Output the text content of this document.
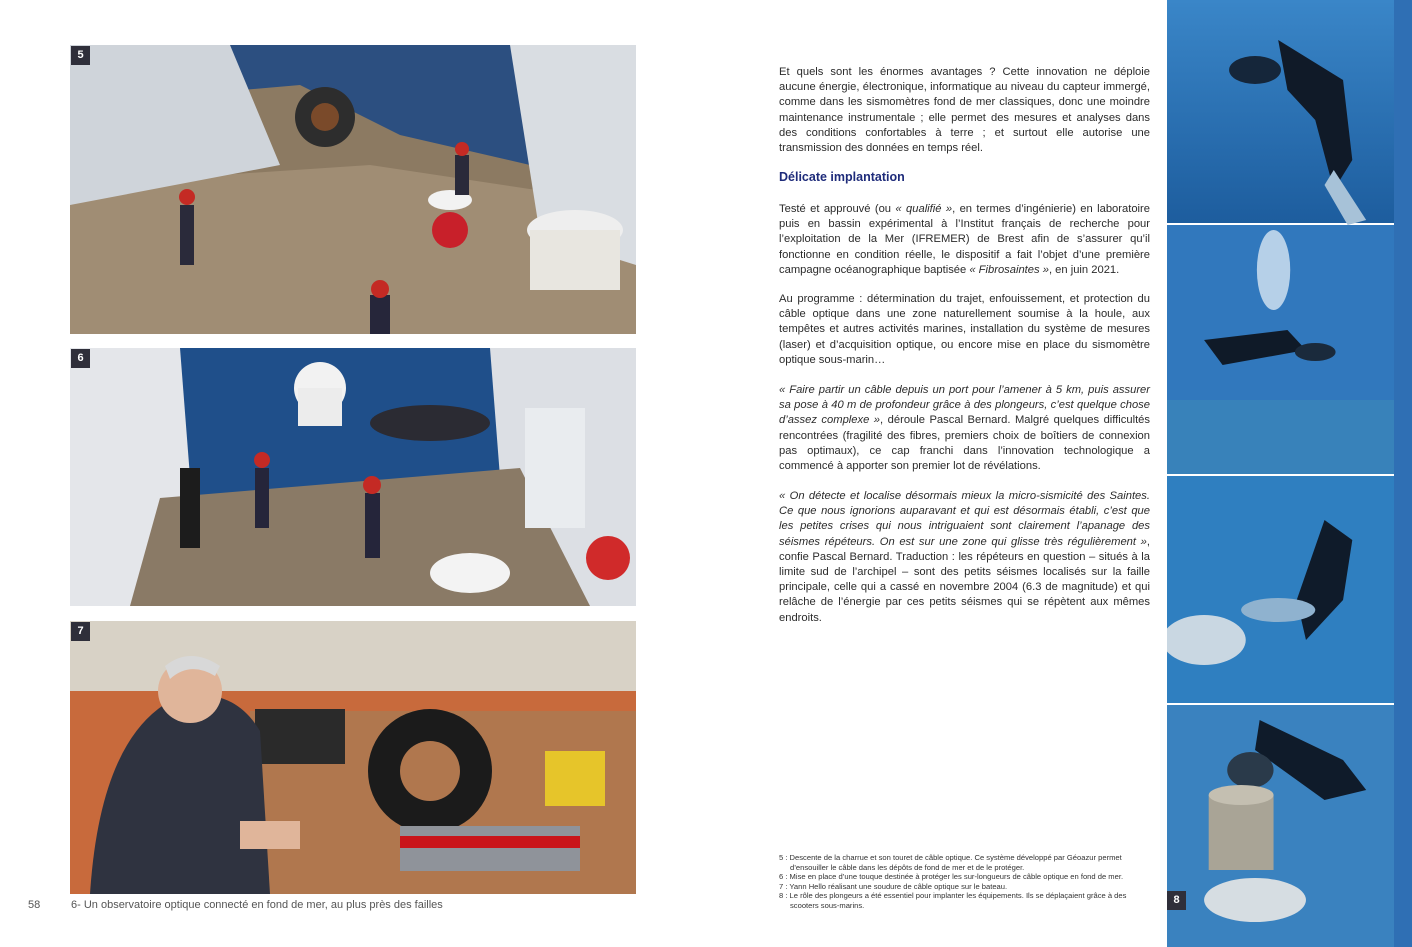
5
6
7
58	6- Un observatoire optique connecté en fond de mer, au plus près des failles

Et quels sont les énormes avantages ? Cette innovation ne déploie aucune énergie, électronique, informatique au niveau du capteur immergé, comme dans les sismomètres fond de mer classiques, donc une moindre maintenance instrumentale ; elle permet des mesures et analyses dans des conditions confortables à terre ; et surtout elle autorise une transmission des données en temps réel.

Délicate implantation

Testé et approuvé (ou « qualifié », en termes d’ingénierie) en laboratoire puis en bassin expérimental à l’Institut français de recherche pour l’exploitation de la Mer (IFREMER) de Brest afin de s’assurer qu’il fonctionne en condition réelle, le dispositif a fait l’objet d’une première campagne océanographique baptisée « Fibrosaintes », en juin 2021.

Au programme : détermination du trajet, enfouissement, et protection du câble optique dans une zone naturellement soumise à la houle, aux tempêtes et autres activités marines, installation du système de mesures (laser) et d’acquisition optique, ou encore mise en place du sismomètre optique sous-marin…

« Faire partir un câble depuis un port pour l’amener à 5 km, puis assurer sa pose à 40 m de profondeur grâce à des plongeurs, c’est quelque chose d’assez complexe », déroule Pascal Bernard. Malgré quelques difficultés rencontrées (fragilité des fibres, premiers choix de boîtiers de connexion pas optimaux), ce cap franchi dans l’innovation technologique a commencé à apporter son premier lot de révélations.

« On détecte et localise désormais mieux la micro-sismicité des Saintes. Ce que nous ignorions auparavant et qui est désormais établi, c’est que les petites crises qui nous intriguaient sont clairement l’apanage des séismes répéteurs. On est sur une zone qui glisse très régulièrement », confie Pascal Bernard. Traduction : les répéteurs en question – situés à la limite sud de l’archipel – sont des petits séismes localisés sur la faille principale, celle qui a cassé en novembre 2004 (6.3 de magnitude) et qui relâche de l’énergie par ces petits séismes qui se répètent aux mêmes endroits.

5 : Descente de la charrue et son touret de câble optique. Ce système développé par Géoazur permet d’ensouiller le câble dans les dépôts de fond de mer et de le protéger.
6 : Mise en place d’une touque destinée à protéger les sur-longueurs de câble optique en fond de mer.
7 : Yann Hello réalisant une soudure de câble optique sur le bateau.
8 : Le rôle des plongeurs a été essentiel pour implanter les équipements. Ils se déplaçaient grâce à des scooters sous-marins.	8
